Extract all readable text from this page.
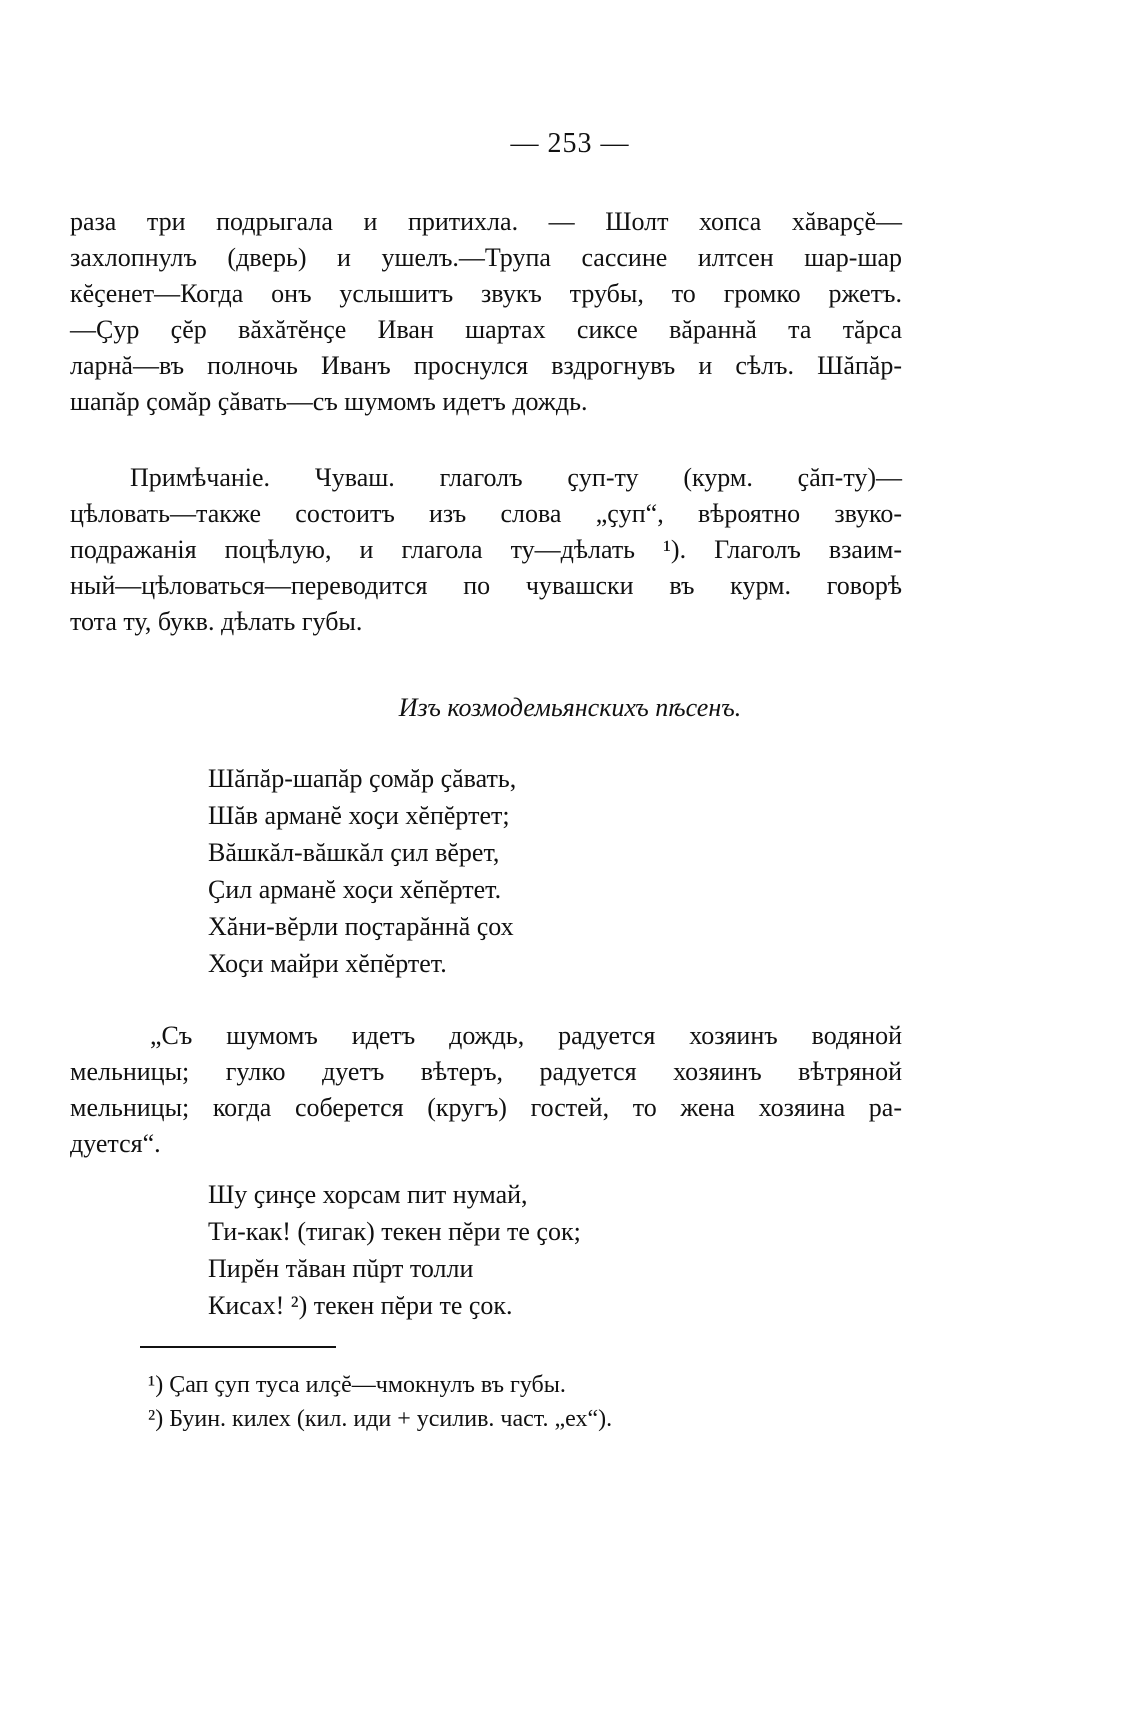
— 253 —
раза три подрыгала и притихла. — Шолт хопса хăварҫĕ—
захлопнулъ (дверь) и ушелъ.—Трупа сассине илтсен шар-шар
кĕҫенет—Когда онъ услышитъ звукъ трубы, то громко ржетъ.
—Ҫур ҫĕр вăхăтĕнҫе Иван шартах сиксе вăраннă та тăрса
ларнă—въ полночь Иванъ проснулся вздрогнувъ и сѣлъ. Шăпăр-
шапăр ҫомăр ҫăвать—съ шумомъ идетъ дождь.
Примѣчаніе. Чуваш. глаголъ ҫуп-ту (курм. ҫăп-ту)—
цѣловать—также состоитъ изъ слова „ҫуп“, вѣроятно звуко-
подражанія поцѣлую, и глагола ту—дѣлать ¹). Глаголъ взаим-
ный—цѣловаться—переводится по чувашски въ курм. говорѣ
тота ту, букв. дѣлать губы.
Изъ козмодемьянскихъ пѣсенъ.
Шăпăр-шапăр ҫомăр ҫăвать,
Шăв арманĕ хоҫи хĕпĕртет;
Вăшкăл-вăшкăл ҫил вĕрет,
Ҫил арманĕ хоҫи хĕпĕртет.
Хăни-вĕрли поҫтарăннă ҫох
Хоҫи майри хĕпĕртет.
„Съ шумомъ идетъ дождь, радуется хозяинъ водяной
мельницы; гулко дуетъ вѣтеръ, радуется хозяинъ вѣтряной
мельницы; когда соберется (кругъ) гостей, то жена хозяина ра-
дуется“.
Шу ҫинҫе хорсам пит нумай,
Ти-как! (тигак) текен пĕри те ҫок;
Пирĕн тăван пŭрт толли
Кисах! ²) текен пĕри те ҫок.
¹) Ҫап ҫуп туса илҫĕ—чмокнулъ въ губы.
²) Буин. килех (кил. иди + усилив. част. „ех“).
